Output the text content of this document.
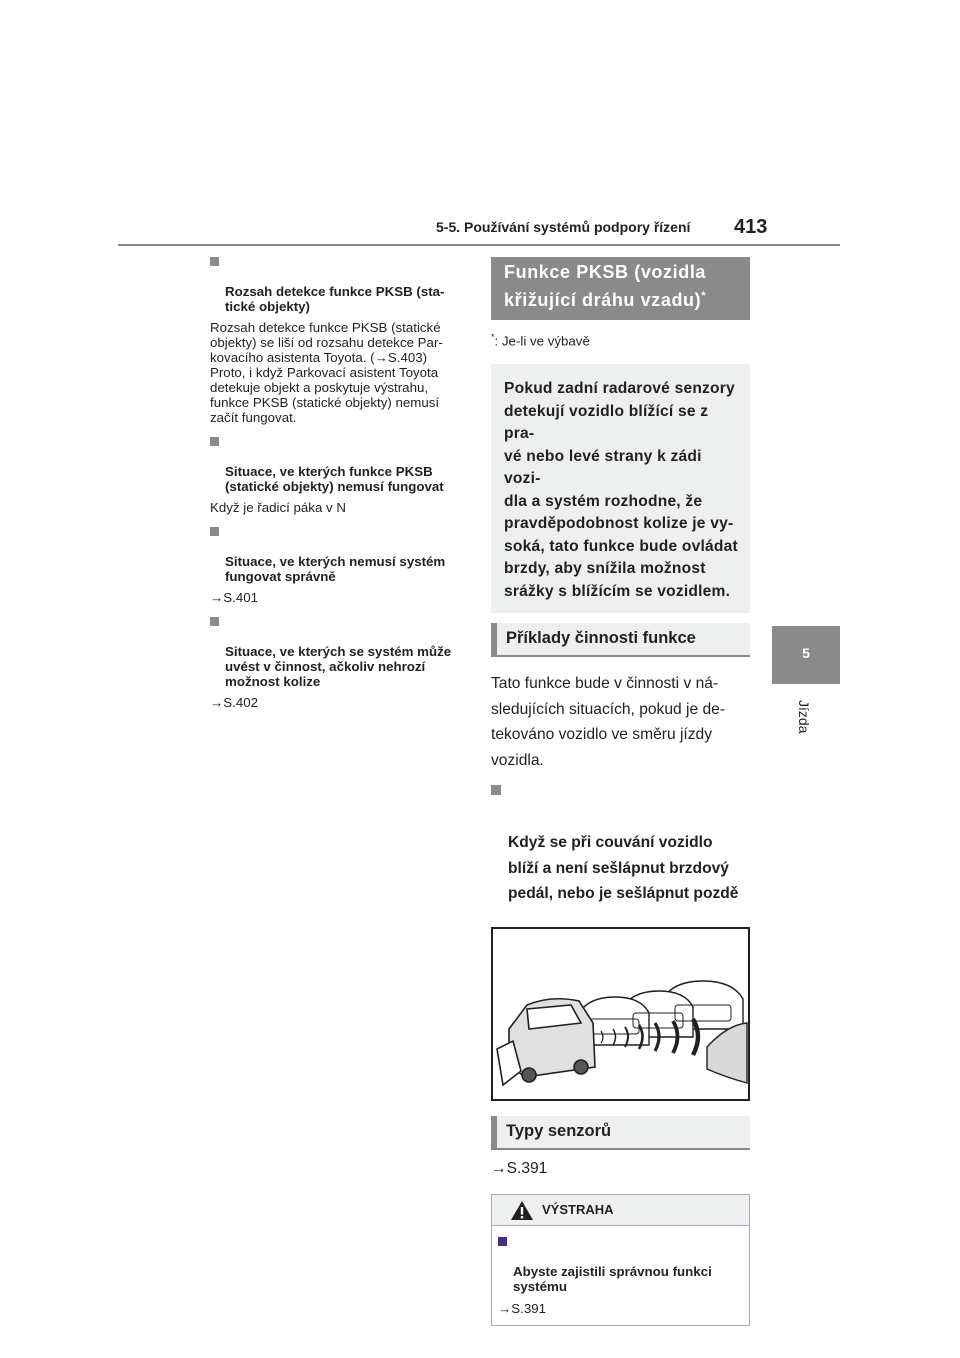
5-5. Používání systémů podpory řízení 413
5
Jízda

Rozsah detekce funkce PKSB (sta-
tické objekty)

Rozsah detekce funkce PKSB (statické
objekty) se liší od rozsahu detekce Par-
kovacího asistenta Toyota. (→S.403)
Proto, i když Parkovací asistent Toyota
detekuje objekt a poskytuje výstrahu,
funkce PKSB (statické objekty) nemusí
začít fungovat.

Situace, ve kterých funkce PKSB
(statické objekty) nemusí fungovat

Když je řadicí páka v N

Situace, ve kterých nemusí systém
fungovat správně

→S.401

Situace, ve kterých se systém může
uvést v činnost, ačkoliv nehrozí
možnost kolize

→S.402

Funkce PKSB (vozidla
křižující dráhu vzadu)*
*: Je-li ve výbavě
Pokud zadní radarové senzory
detekují vozidlo blížící se z pra-
vé nebo levé strany k zádi vozi-
dla a systém rozhodne, že
pravděpodobnost kolize je vy-
soká, tato funkce bude ovládat
brzdy, aby snížila možnost
srážky s blížícím se vozidlem.
Příklady činnosti funkce
Tato funkce bude v činnosti v ná-
sledujících situacích, pokud je de-
tekováno vozidlo ve směru jízdy
vozidla.

Když se při couvání vozidlo
blíží a není sešlápnut brzdový
pedál, nebo je sešlápnut pozdě

Typy senzorů
→S.391
VÝSTRAHA

Abyste zajistili správnou funkci
systému

→S.391
